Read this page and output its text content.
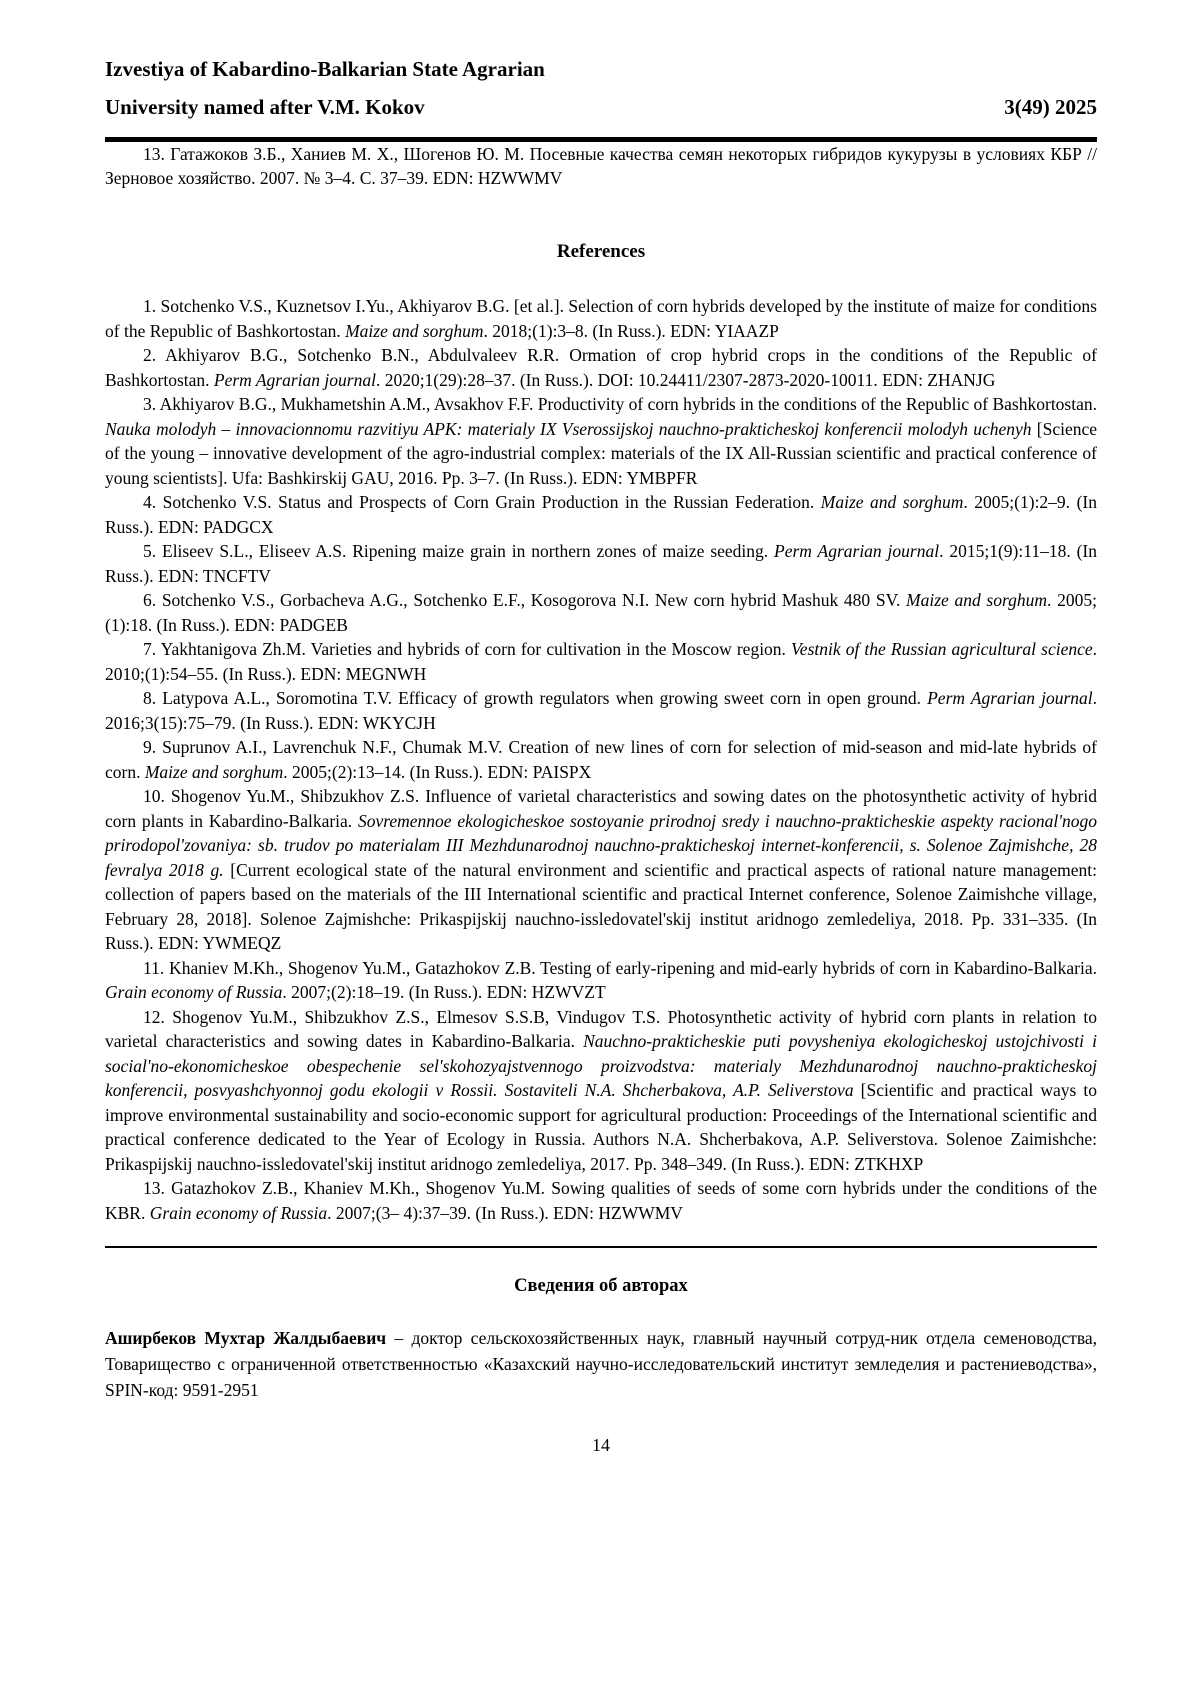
Izvestiya of Kabardino-Balkarian State Agrarian
University named after V.M. Kokov	3(49) 2025

13. Гатажоков З.Б., Ханиев М. Х., Шогенов Ю. М. Посевные качества семян некоторых гибридов кукурузы в условиях КБР // Зерновое хозяйство. 2007. № 3–4. С. 37–39. EDN: HZWWMV

References

1. Sotchenko V.S., Kuznetsov I.Yu., Akhiyarov B.G. [et al.]. Selection of corn hybrids developed by the institute of maize for conditions of the Republic of Bashkortostan. Maize and sorghum. 2018;(1):3–8. (In Russ.). EDN: YIAAZP

2. Akhiyarov B.G., Sotchenko B.N., Abdulvaleev R.R. Ormation of crop hybrid crops in the conditions of the Republic of Bashkortostan. Perm Agrarian journal. 2020;1(29):28–37. (In Russ.). DOI: 10.24411/2307-2873-2020-10011. EDN: ZHANJG

3. Akhiyarov B.G., Mukhametshin A.M., Avsakhov F.F. Productivity of corn hybrids in the conditions of the Republic of Bashkortostan. Nauka molodyh – innovacionnomu razvitiyu APK: materialy IX Vserossijskoj nauchno-prakticheskoj konferencii molodyh uchenyh [Science of the young – innovative development of the agro-industrial complex: materials of the IX All-Russian scientific and practical conference of young scientists]. Ufa: Bashkirskij GAU, 2016. Pp. 3–7. (In Russ.). EDN: YMBPFR

4. Sotchenko V.S. Status and Prospects of Corn Grain Production in the Russian Federation. Maize and sorghum. 2005;(1):2–9. (In Russ.). EDN: PADGCX

5. Eliseev S.L., Eliseev A.S. Ripening maize grain in northern zones of maize seeding. Perm Agrarian journal. 2015;1(9):11–18. (In Russ.). EDN: TNCFTV

6. Sotchenko V.S., Gorbacheva A.G., Sotchenko E.F., Kosogorova N.I. New corn hybrid Mashuk 480 SV. Maize and sorghum. 2005;(1):18. (In Russ.). EDN: PADGEB

7. Yakhtanigova Zh.M. Varieties and hybrids of corn for cultivation in the Moscow region. Vestnik of the Russian agricultural science. 2010;(1):54–55. (In Russ.). EDN: MEGNWH

8. Latypova A.L., Soromotina T.V. Efficacy of growth regulators when growing sweet corn in open ground. Perm Agrarian journal. 2016;3(15):75–79. (In Russ.). EDN: WKYCJH

9. Suprunov A.I., Lavrenchuk N.F., Chumak M.V. Creation of new lines of corn for selection of mid-season and mid-late hybrids of corn. Maize and sorghum. 2005;(2):13–14. (In Russ.). EDN: PAISPX

10. Shogenov Yu.M., Shibzukhov Z.S. Influence of varietal characteristics and sowing dates on the photosynthetic activity of hybrid corn plants in Kabardino-Balkaria. Sovremennoe ekologicheskoe sostoyanie prirodnoj sredy i nauchno-prakticheskie aspekty racional'nogo prirodopol'zovaniya: sb. trudov po materialam III Mezhdunarodnoj nauchno-prakticheskoj internet-konferencii, s. Solenoe Zajmishche, 28 fevralya 2018 g. [Current ecological state of the natural environment and scientific and practical aspects of rational nature management: collection of papers based on the materials of the III International scientific and practical Internet conference, Solenoe Zaimishche village, February 28, 2018]. Solenoe Zajmishche: Prikaspijskij nauchno-issledovatel'skij institut aridnogo zemledeliya, 2018. Pp. 331–335. (In Russ.). EDN: YWMEQZ

11. Khaniev M.Kh., Shogenov Yu.M., Gatazhokov Z.B. Testing of early-ripening and mid-early hybrids of corn in Kabardino-Balkaria. Grain economy of Russia. 2007;(2):18–19. (In Russ.). EDN: HZWVZT

12. Shogenov Yu.M., Shibzukhov Z.S., Elmesov S.S.B, Vindugov T.S. Photosynthetic activity of hybrid corn plants in relation to varietal characteristics and sowing dates in Kabardino-Balkaria. Nauchno-prakticheskie puti povysheniya ekologicheskoj ustojchivosti i social'no-ekonomicheskoe obespechenie sel'skohozyajstvennogo proizvodstva: materialy Mezhdunarodnoj nauchno-prakticheskoj konferencii, posvyashchyonnoj godu ekologii v Rossii. Sostaviteli N.A. Shcherbakova, A.P. Seliverstova [Scientific and practical ways to improve environmental sustainability and socio-economic support for agricultural production: Proceedings of the International scientific and practical conference dedicated to the Year of Ecology in Russia. Authors N.A. Shcherbakova, A.P. Seliverstova. Solenoe Zaimishche: Prikaspijskij nauchno-issledovatel'skij institut aridnogo zemledeliya, 2017. Pp. 348–349. (In Russ.). EDN: ZTKHXP

13. Gatazhokov Z.B., Khaniev M.Kh., Shogenov Yu.M. Sowing qualities of seeds of some corn hybrids under the conditions of the KBR. Grain economy of Russia. 2007;(3– 4):37–39. (In Russ.). EDN: HZWWMV

Сведения об авторах

Аширбеков Мухтар Жалдыбаевич – доктор сельскохозяйственных наук, главный научный сотруд-ник отдела семеноводства, Товарищество с ограниченной ответственностью «Казахский научно-исследовательский институт земледелия и растениеводства», SPIN-код: 9591-2951

14
